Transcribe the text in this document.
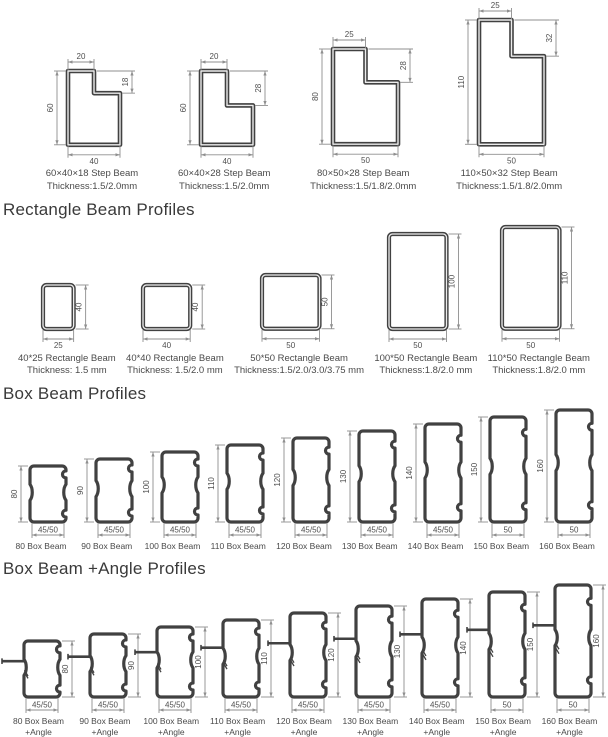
20
18
60
40
60×40×18 Step Beam
Thickness:1.5/2.0mm
20
28
60
40
60×40×28 Step Beam
Thickness:1.5/2.0mm
25
28
80
50
80×50×28 Step Beam
Thickness:1.5/1.8/2.0mm
25
32
110
50
110×50×32 Step Beam
Thickness:1.5/1.8/2.0mm
Rectangle Beam Profiles
40
25
40*25 Rectangle Beam
Thickness: 1.5 mm
40
40
40*40 Rectangle Beam
Thickness: 1.5/2.0 mm
50
50
50*50 Rectangle Beam
Thickness:1.5/2.0/3.0/3.75 mm
100
50
100*50 Rectangle Beam
Thickness:1.8/2.0 mm
110
50
110*50 Rectangle Beam
Thickness:1.8/2.0 mm
Box Beam Profiles
80
45/50
80 Box Beam
90
45/50
90 Box Beam
100
45/50
100 Box Beam
110
45/50
110 Box Beam
120
45/50
120 Box Beam
130
45/50
130 Box Beam
140
45/50
140 Box Beam
150
50
150 Box Beam
160
50
160 Box Beam
Box Beam +Angle Profiles
80
45/50
80 Box Beam
+Angle
90
45/50
90 Box Beam
+Angle
100
45/50
100 Box Beam
+Angle
110
45/50
110 Box Beam
+Angle
120
45/50
120 Box Beam
+Angle
130
45/50
130 Box Beam
+Angle
140
45/50
140 Box Beam
+Angle
150
50
150 Box Beam
+Angle
160
50
160 Box Beam
+Angle
